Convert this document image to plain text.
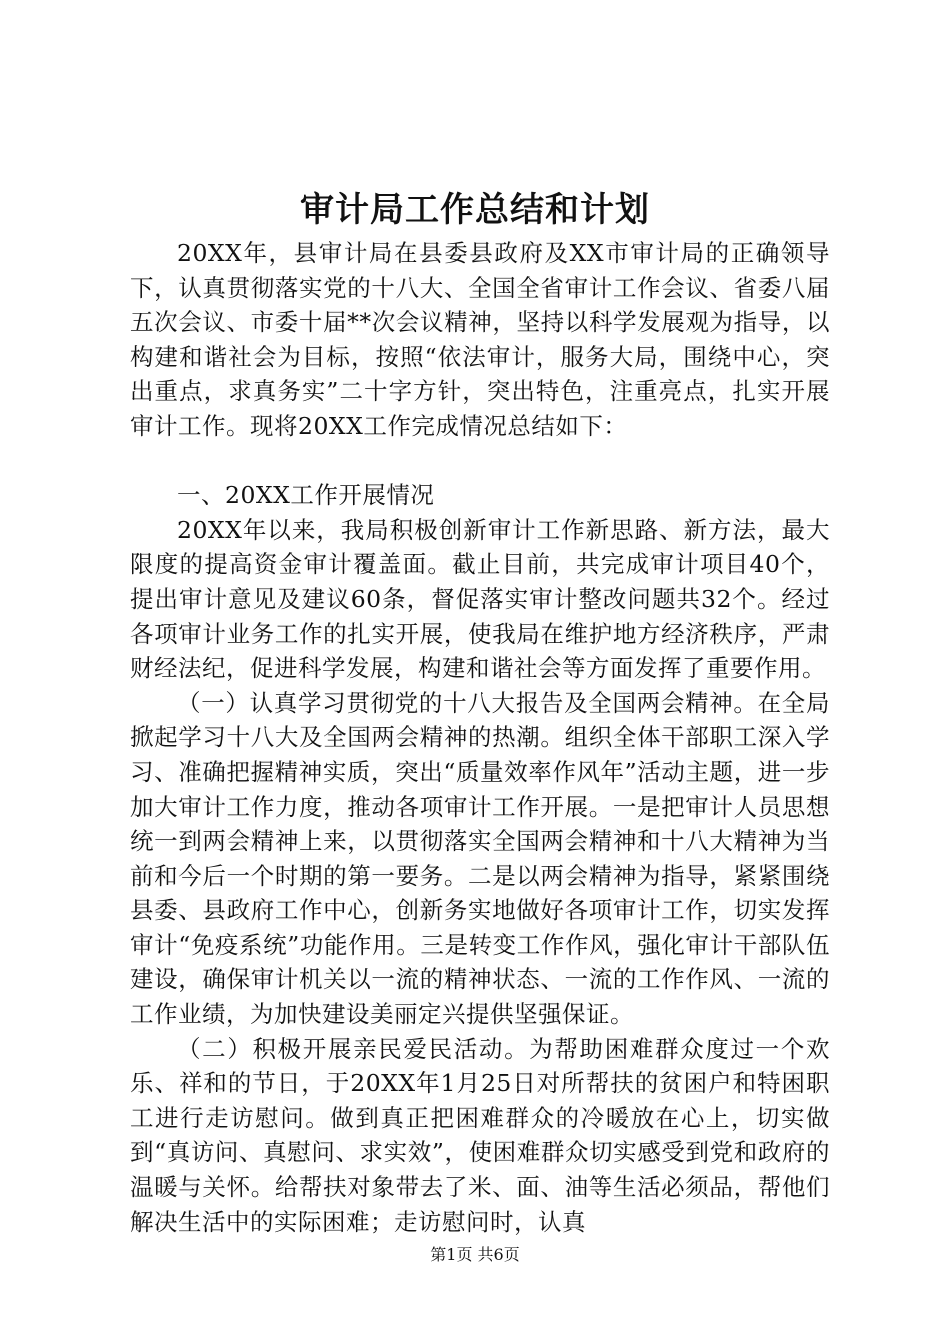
审计局工作总结和计划

20XX年，县审计局在县委县政府及XX市审计局的正确领导下，认真贯彻落实党的十八大、全国全省审计工作会议、省委八届五次会议、市委十届**次会议精神，坚持以科学发展观为指导，以构建和谐社会为目标，按照“依法审计，服务大局，围绕中心，突出重点，求真务实”二十字方针，突出特色，注重亮点，扎实开展审计工作。现将20XX工作完成情况总结如下：

一、20XX工作开展情况

20XX年以来，我局积极创新审计工作新思路、新方法，最大限度的提高资金审计覆盖面。截止目前，共完成审计项目40个，提出审计意见及建议60条，督促落实审计整改问题共32个。经过各项审计业务工作的扎实开展，使我局在维护地方经济秩序，严肃财经法纪，促进科学发展，构建和谐社会等方面发挥了重要作用。

（一）认真学习贯彻党的十八大报告及全国两会精神。在全局掀起学习十八大及全国两会精神的热潮。组织全体干部职工深入学习、准确把握精神实质，突出“质量效率作风年”活动主题，进一步加大审计工作力度，推动各项审计工作开展。一是把审计人员思想统一到两会精神上来，以贯彻落实全国两会精神和十八大精神为当前和今后一个时期的第一要务。二是以两会精神为指导，紧紧围绕县委、县政府工作中心，创新务实地做好各项审计工作，切实发挥审计“免疫系统”功能作用。三是转变工作作风，强化审计干部队伍建设，确保审计机关以一流的精神状态、一流的工作作风、一流的工作业绩，为加快建设美丽定兴提供坚强保证。

（二）积极开展亲民爱民活动。为帮助困难群众度过一个欢乐、祥和的节日，于20XX年1月25日对所帮扶的贫困户和特困职工进行走访慰问。做到真正把困难群众的冷暖放在心上，切实做到“真访问、真慰问、求实效”，使困难群众切实感受到党和政府的温暖与关怀。给帮扶对象带去了米、面、油等生活必须品，帮他们解决生活中的实际困难；走访慰问时，认真

第1页 共6页
